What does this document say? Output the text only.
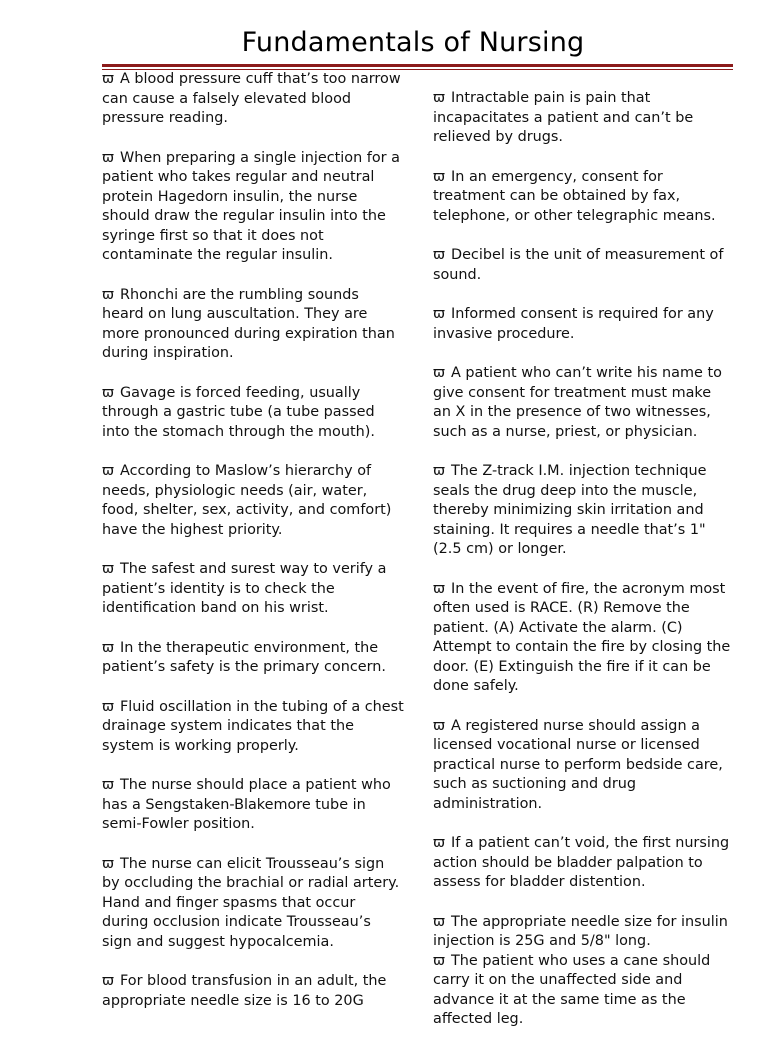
Fundamentals of Nursing

ϖ A blood pressure cuff that’s too narrow can cause a falsely elevated blood pressure reading.

ϖ When preparing a single injection for a patient who takes regular and neutral protein Hagedorn insulin, the nurse should draw the regular insulin into the syringe first so that it does not contaminate the regular insulin.

ϖ Rhonchi are the rumbling sounds heard on lung auscultation. They are more pronounced during expiration than during inspiration.

ϖ Gavage is forced feeding, usually through a gastric tube (a tube passed into the stomach through the mouth).

ϖ According to Maslow’s hierarchy of needs, physiologic needs (air, water, food, shelter, sex, activity, and comfort) have the highest priority.

ϖ The safest and surest way to verify a patient’s identity is to check the identification band on his wrist.

ϖ In the therapeutic environment, the patient’s safety is the primary concern.

ϖ Fluid oscillation in the tubing of a chest drainage system indicates that the system is working properly.

ϖ The nurse should place a patient who has a Sengstaken-Blakemore tube in semi-Fowler position.

ϖ The nurse can elicit Trousseau’s sign by occluding the brachial or radial artery. Hand and finger spasms that occur during occlusion indicate Trousseau’s sign and suggest hypocalcemia.

ϖ For blood transfusion in an adult, the appropriate needle size is 16 to 20G

ϖ Intractable pain is pain that incapacitates a patient and can’t be relieved by drugs.

ϖ In an emergency, consent for treatment can be obtained by fax, telephone, or other telegraphic means.

ϖ Decibel is the unit of measurement of sound.

ϖ Informed consent is required for any invasive procedure.

ϖ A patient who can’t write his name to give consent for treatment must make an X in the presence of two witnesses, such as a nurse, priest, or physician.

ϖ The Z-track I.M. injection technique seals the drug deep into the muscle, thereby minimizing skin irritation and staining. It requires a needle that’s 1" (2.5 cm) or longer.

ϖ In the event of fire, the acronym most often used is RACE. (R) Remove the patient. (A) Activate the alarm. (C) Attempt to contain the fire by closing the door. (E) Extinguish the fire if it can be done safely.

ϖ A registered nurse should assign a licensed vocational nurse or licensed practical nurse to perform bedside care, such as suctioning and drug administration.

ϖ If a patient can’t void, the first nursing action should be bladder palpation to assess for bladder distention.

ϖ The appropriate needle size for insulin injection is 25G and 5/8" long.

ϖ The patient who uses a cane should carry it on the unaffected side and advance it at the same time as the affected leg.
